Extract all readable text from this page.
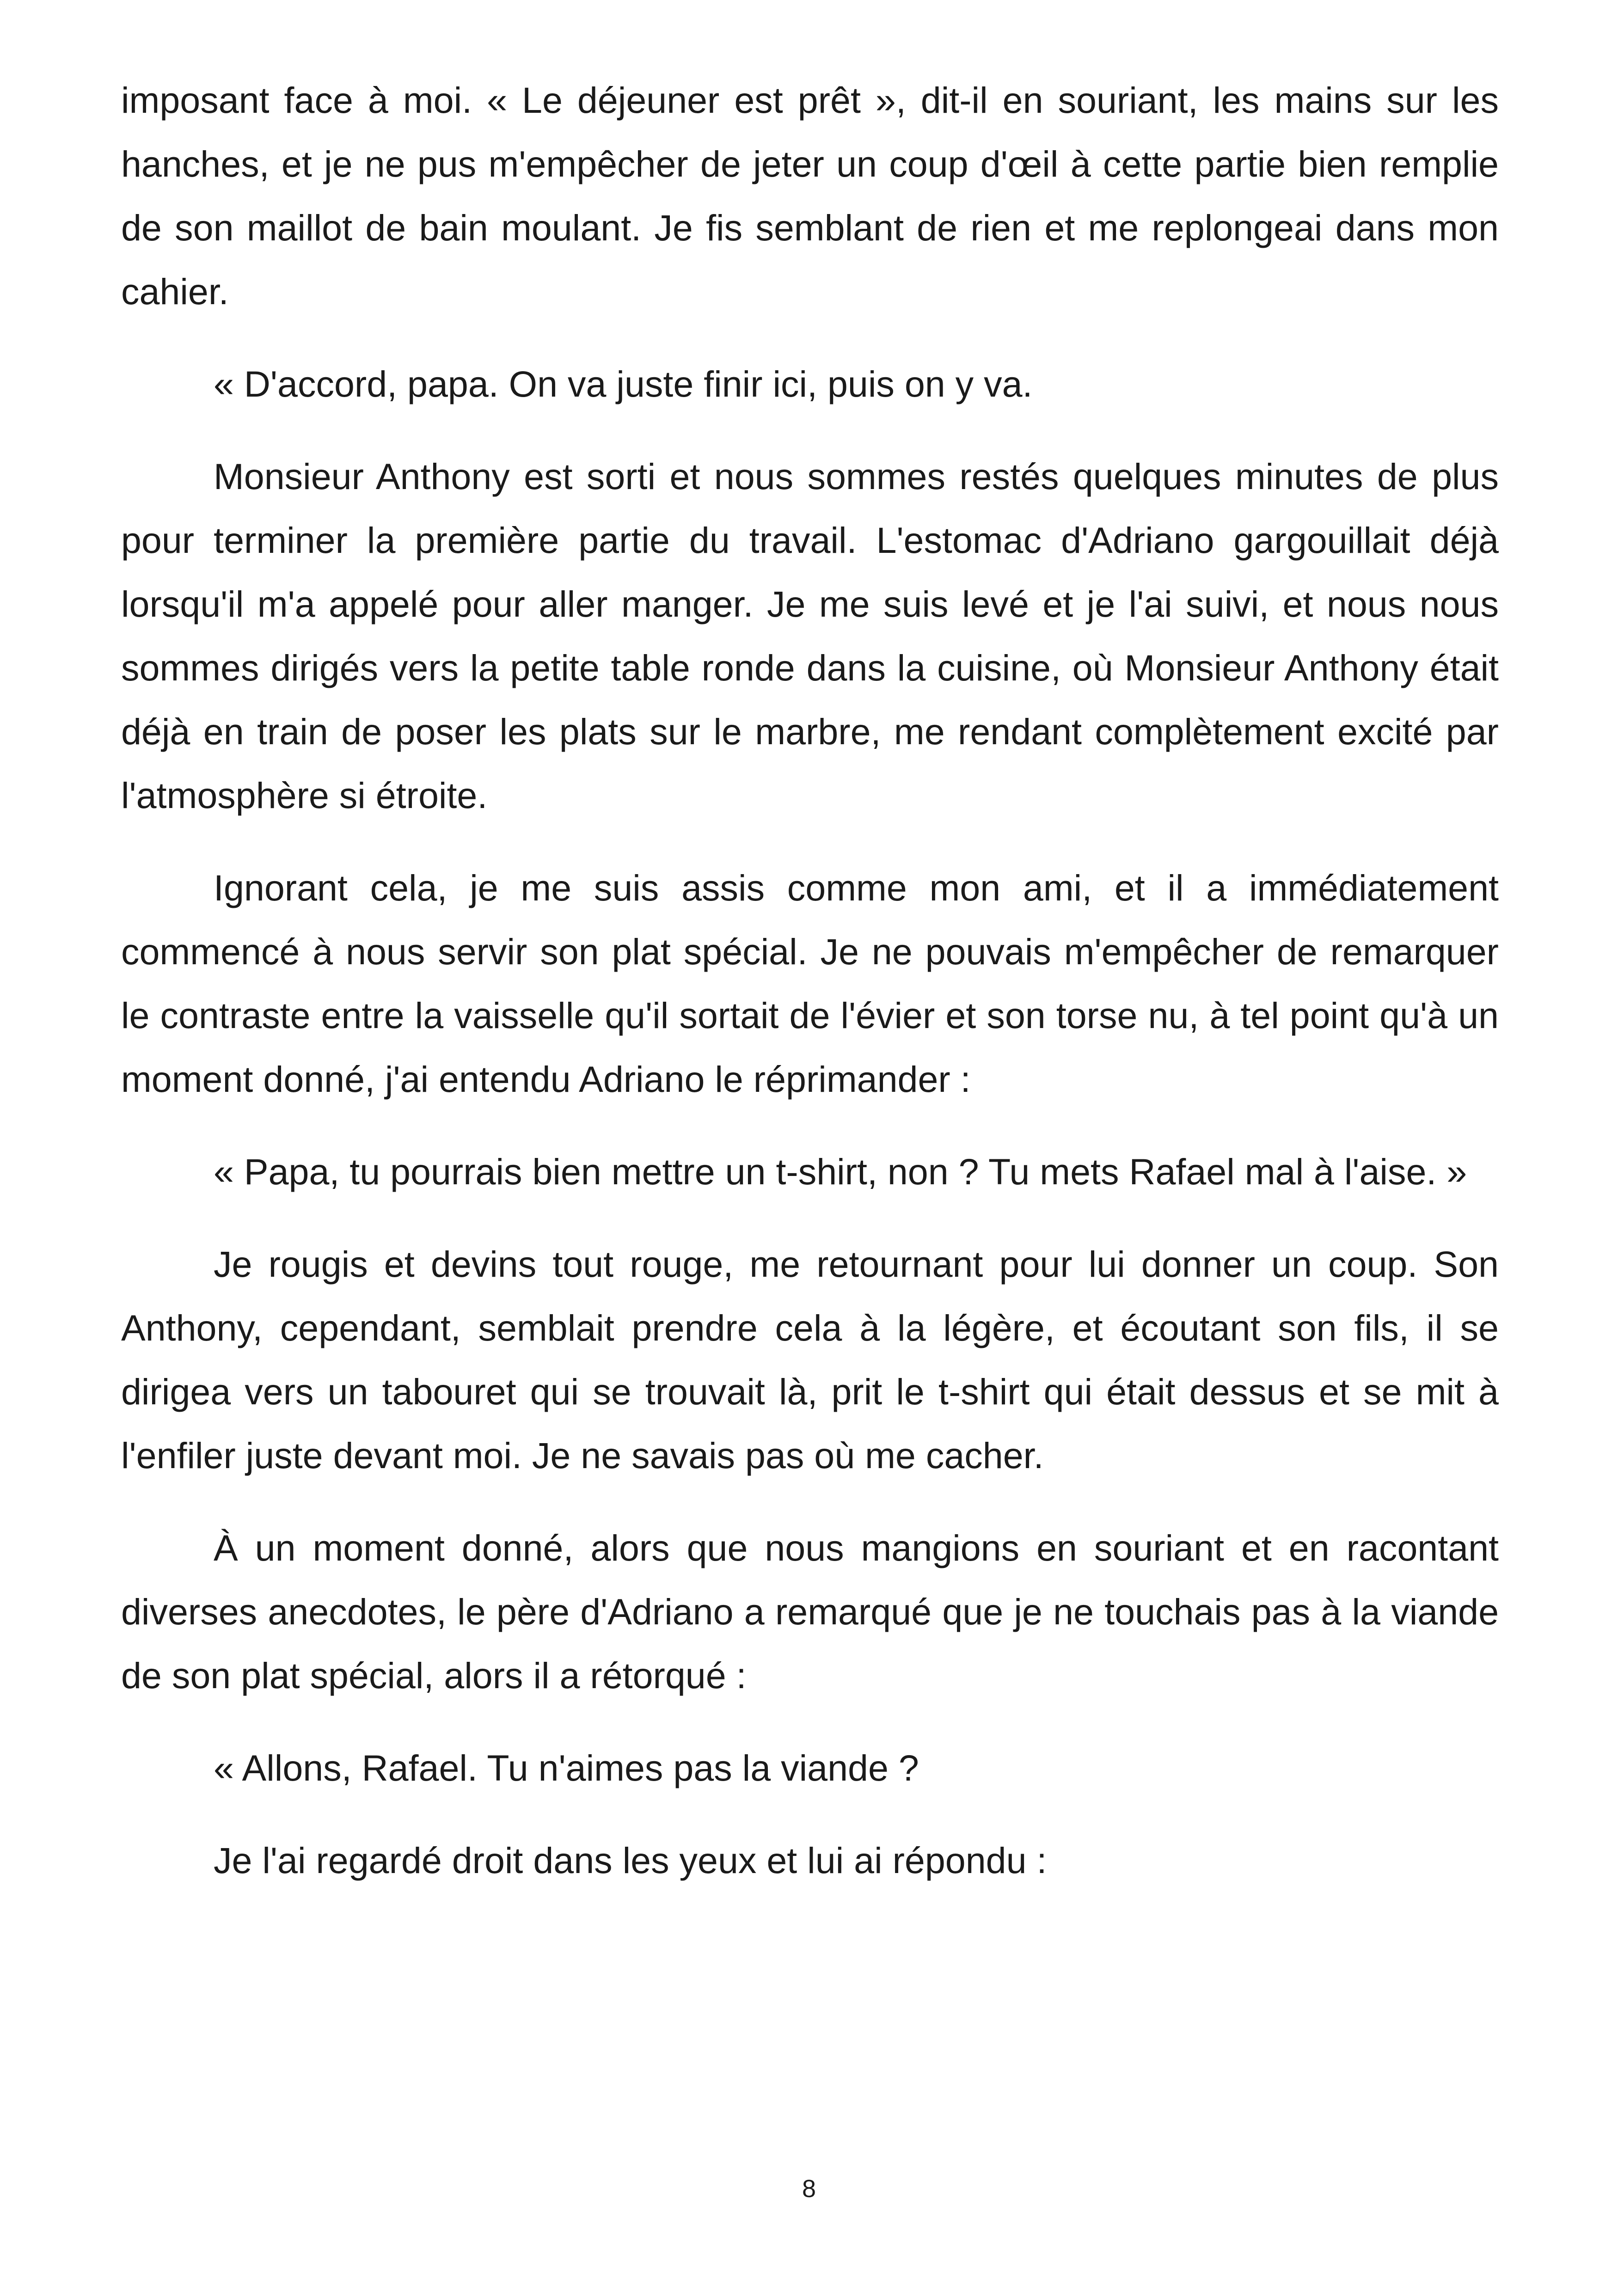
imposant face à moi. « Le déjeuner est prêt », dit-il en souriant, les mains sur les hanches, et je ne pus m'empêcher de jeter un coup d'œil à cette partie bien remplie de son maillot de bain moulant. Je fis semblant de rien et me replongeai dans mon cahier.

« D'accord, papa. On va juste finir ici, puis on y va.

Monsieur Anthony est sorti et nous sommes restés quelques minutes de plus pour terminer la première partie du travail. L'estomac d'Adriano gargouillait déjà lorsqu'il m'a appelé pour aller manger. Je me suis levé et je l'ai suivi, et nous nous sommes dirigés vers la petite table ronde dans la cuisine, où Monsieur Anthony était déjà en train de poser les plats sur le marbre, me rendant complètement excité par l'atmosphère si étroite.

Ignorant cela, je me suis assis comme mon ami, et il a immédiatement commencé à nous servir son plat spécial. Je ne pouvais m'empêcher de remarquer le contraste entre la vaisselle qu'il sortait de l'évier et son torse nu, à tel point qu'à un moment donné, j'ai entendu Adriano le réprimander :

« Papa, tu pourrais bien mettre un t-shirt, non ? Tu mets Rafael mal à l'aise. »

Je rougis et devins tout rouge, me retournant pour lui donner un coup. Son Anthony, cependant, semblait prendre cela à la légère, et écoutant son fils, il se dirigea vers un tabouret qui se trouvait là, prit le t-shirt qui était dessus et se mit à l'enfiler juste devant moi. Je ne savais pas où me cacher.

À un moment donné, alors que nous mangions en souriant et en racontant diverses anecdotes, le père d'Adriano a remarqué que je ne touchais pas à la viande de son plat spécial, alors il a rétorqué :

« Allons, Rafael. Tu n'aimes pas la viande ?

Je l'ai regardé droit dans les yeux et lui ai répondu :

8
